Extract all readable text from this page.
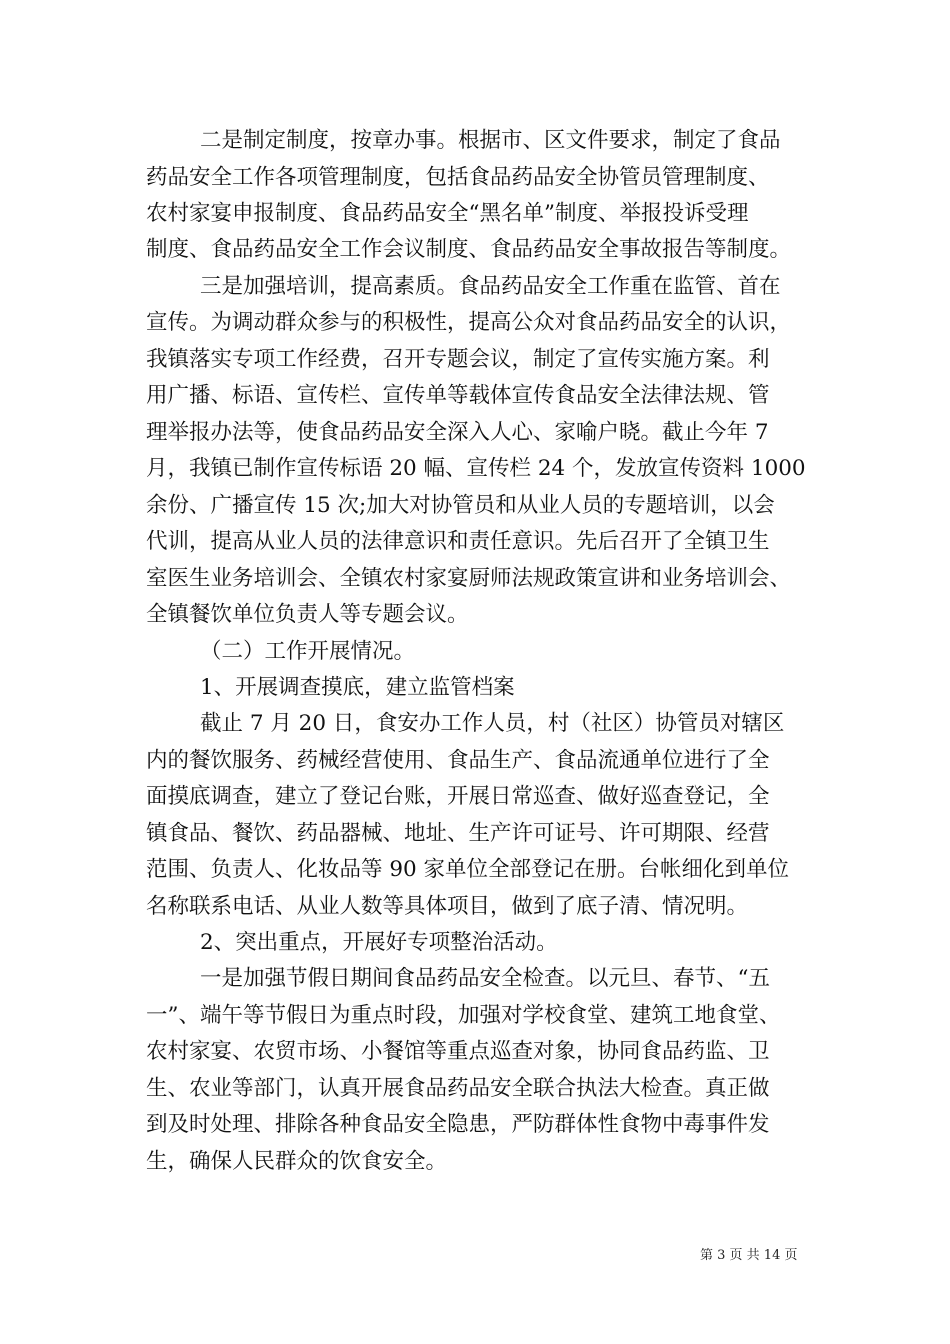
二是制定制度，按章办事。根据市、区文件要求，制定了食品
药品安全工作各项管理制度，包括食品药品安全协管员管理制度、
农村家宴申报制度、食品药品安全“黑名单”制度、举报投诉受理
制度、食品药品安全工作会议制度、食品药品安全事故报告等制度。
三是加强培训，提高素质。食品药品安全工作重在监管、首在
宣传。为调动群众参与的积极性，提高公众对食品药品安全的认识，
我镇落实专项工作经费，召开专题会议，制定了宣传实施方案。利
用广播、标语、宣传栏、宣传单等载体宣传食品安全法律法规、管
理举报办法等，使食品药品安全深入人心、家喻户晓。截止今年 7
月，我镇已制作宣传标语 20 幅、宣传栏 24 个，发放宣传资料 1000
余份、广播宣传 15 次;加大对协管员和从业人员的专题培训，以会
代训，提高从业人员的法律意识和责任意识。先后召开了全镇卫生
室医生业务培训会、全镇农村家宴厨师法规政策宣讲和业务培训会、
全镇餐饮单位负责人等专题会议。
（二）工作开展情况。
1、开展调查摸底，建立监管档案
截止 7 月 20 日，食安办工作人员，村（社区）协管员对辖区
内的餐饮服务、药械经营使用、食品生产、食品流通单位进行了全
面摸底调查，建立了登记台账，开展日常巡查、做好巡查登记，全
镇食品、餐饮、药品器械、地址、生产许可证号、许可期限、经营
范围、负责人、化妆品等 90 家单位全部登记在册。台帐细化到单位
名称联系电话、从业人数等具体项目，做到了底子清、情况明。
2、突出重点，开展好专项整治活动。
一是加强节假日期间食品药品安全检查。以元旦、春节、“五
一”、端午等节假日为重点时段，加强对学校食堂、建筑工地食堂、
农村家宴、农贸市场、小餐馆等重点巡查对象，协同食品药监、卫
生、农业等部门，认真开展食品药品安全联合执法大检查。真正做
到及时处理、排除各种食品安全隐患，严防群体性食物中毒事件发
生，确保人民群众的饮食安全。
第 3 页 共 14 页
